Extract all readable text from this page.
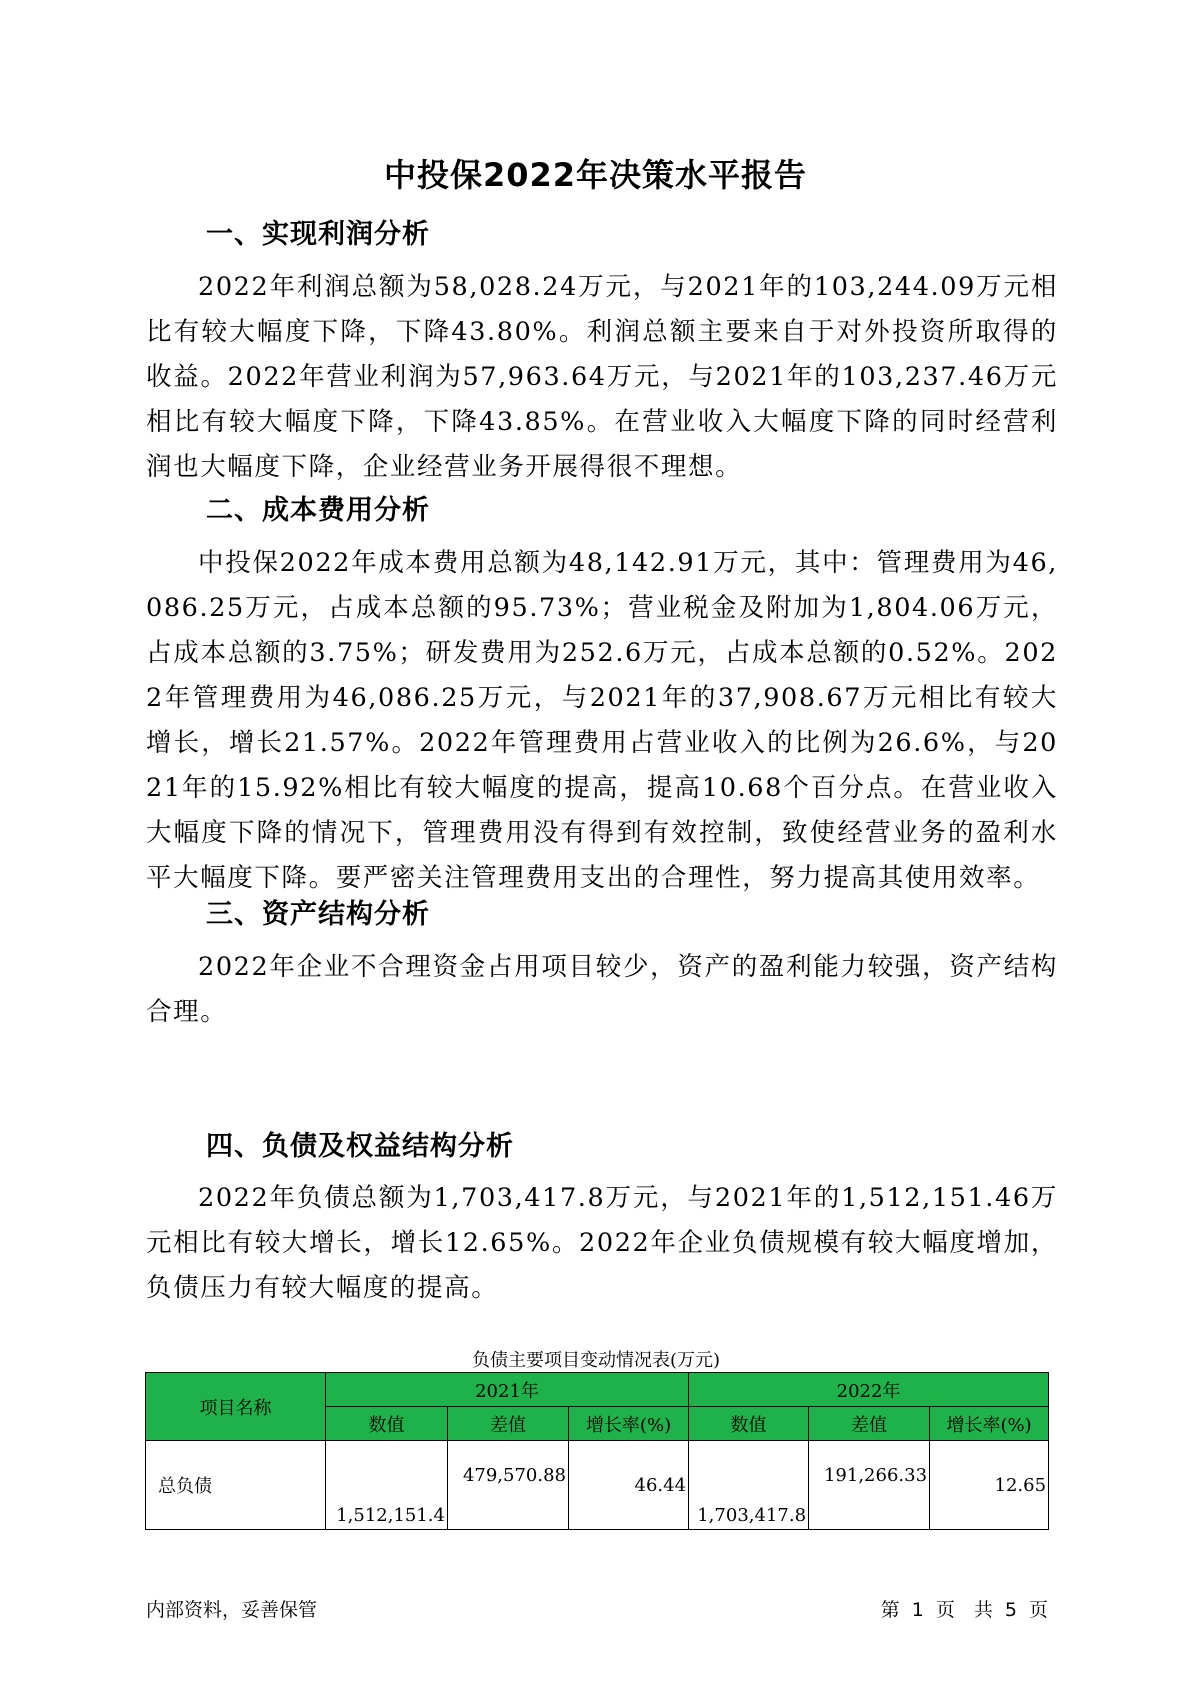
中投保2022年决策水平报告
一、实现利润分析
2022年利润总额为58,028.24万元，与2021年的103,244.09万元相比有较大幅度下降，下降43.80%。利润总额主要来自于对外投资所取得的收益。2022年营业利润为57,963.64万元，与2021年的103,237.46万元相比有较大幅度下降，下降43.85%。在营业收入大幅度下降的同时经营利润也大幅度下降，企业经营业务开展得很不理想。
二、成本费用分析
中投保2022年成本费用总额为48,142.91万元，其中：管理费用为46,086.25万元，占成本总额的95.73%；营业税金及附加为1,804.06万元，占成本总额的3.75%；研发费用为252.6万元，占成本总额的0.52%。2022年管理费用为46,086.25万元，与2021年的37,908.67万元相比有较大增长，增长21.57%。2022年管理费用占营业收入的比例为26.6%，与2021年的15.92%相比有较大幅度的提高，提高10.68个百分点。在营业收入大幅度下降的情况下，管理费用没有得到有效控制，致使经营业务的盈利水平大幅度下降。要严密关注管理费用支出的合理性，努力提高其使用效率。
三、资产结构分析
2022年企业不合理资金占用项目较少，资产的盈利能力较强，资产结构合理。
四、负债及权益结构分析
2022年负债总额为1,703,417.8万元，与2021年的1,512,151.46万元相比有较大增长，增长12.65%。2022年企业负债规模有较大幅度增加，负债压力有较大幅度的提高。
负债主要项目变动情况表(万元)
项目名称	2021年			2022年		
	数值	差值	增长率(%)	数值	差值	增长率(%)
总负债	1,512,151.4	479,570.88	46.44	1,703,417.8	191,266.33	12.65
内部资料，妥善保管	第 1 页　共 5 页
